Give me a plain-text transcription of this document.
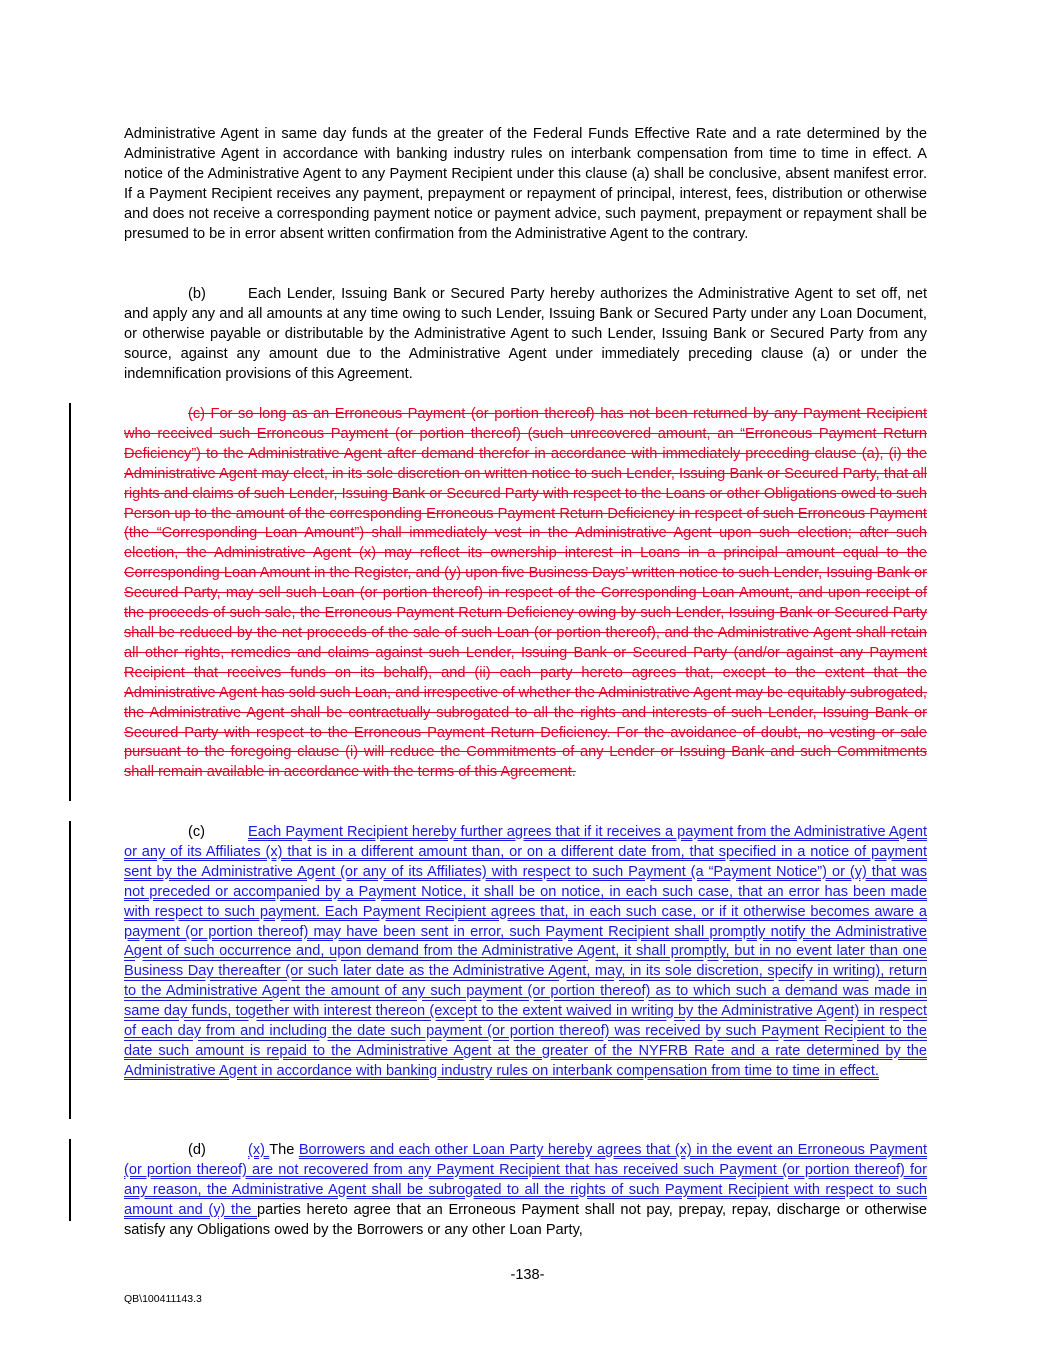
Administrative Agent in same day funds at the greater of the Federal Funds Effective Rate and a rate determined by the Administrative Agent in accordance with banking industry rules on interbank compensation from time to time in effect. A notice of the Administrative Agent to any Payment Recipient under this clause (a) shall be conclusive, absent manifest error. If a Payment Recipient receives any payment, prepayment or repayment of principal, interest, fees, distribution or otherwise and does not receive a corresponding payment notice or payment advice, such payment, prepayment or repayment shall be presumed to be in error absent written confirmation from the Administrative Agent to the contrary.
(b)	Each Lender, Issuing Bank or Secured Party hereby authorizes the Administrative Agent to set off, net and apply any and all amounts at any time owing to such Lender, Issuing Bank or Secured Party under any Loan Document, or otherwise payable or distributable by the Administrative Agent to such Lender, Issuing Bank or Secured Party from any source, against any amount due to the Administrative Agent under immediately preceding clause (a) or under the indemnification provisions of this Agreement.
(c) For so long as an Erroneous Payment (or portion thereof) has not been returned by any Payment Recipient who received such Erroneous Payment (or portion thereof) (such unrecovered amount, an “Erroneous Payment Return Deficiency”) to the Administrative Agent after demand therefor in accordance with immediately preceding clause (a), (i) the Administrative Agent may elect, in its sole discretion on written notice to such Lender, Issuing Bank or Secured Party, that all rights and claims of such Lender, Issuing Bank or Secured Party with respect to the Loans or other Obligations owed to such Person up to the amount of the corresponding Erroneous Payment Return Deficiency in respect of such Erroneous Payment (the “Corresponding Loan Amount”) shall immediately vest in the Administrative Agent upon such election; after such election, the Administrative Agent (x) may reflect its ownership interest in Loans in a principal amount equal to the Corresponding Loan Amount in the Register, and (y) upon five Business Days’ written notice to such Lender, Issuing Bank or Secured Party, may sell such Loan (or portion thereof) in respect of the Corresponding Loan Amount, and upon receipt of the proceeds of such sale, the Erroneous Payment Return Deficiency owing by such Lender, Issuing Bank or Secured Party shall be reduced by the net proceeds of the sale of such Loan (or portion thereof), and the Administrative Agent shall retain all other rights, remedies and claims against such Lender, Issuing Bank or Secured Party (and/or against any Payment Recipient that receives funds on its behalf), and (ii) each party hereto agrees that, except to the extent that the Administrative Agent has sold such Loan, and irrespective of whether the Administrative Agent may be equitably subrogated, the Administrative Agent shall be contractually subrogated to all the rights and interests of such Lender, Issuing Bank or Secured Party with respect to the Erroneous Payment Return Deficiency. For the avoidance of doubt, no vesting or sale pursuant to the foregoing clause (i) will reduce the Commitments of any Lender or Issuing Bank and such Commitments shall remain available in accordance with the terms of this Agreement.
(c)	Each Payment Recipient hereby further agrees that if it receives a payment from the Administrative Agent or any of its Affiliates (x) that is in a different amount than, or on a different date from, that specified in a notice of payment sent by the Administrative Agent (or any of its Affiliates) with respect to such Payment (a “Payment Notice”) or (y) that was not preceded or accompanied by a Payment Notice, it shall be on notice, in each such case, that an error has been made with respect to such payment. Each Payment Recipient agrees that, in each such case, or if it otherwise becomes aware a payment (or portion thereof) may have been sent in error, such Payment Recipient shall promptly notify the Administrative Agent of such occurrence and, upon demand from the Administrative Agent, it shall promptly, but in no event later than one Business Day thereafter (or such later date as the Administrative Agent, may, in its sole discretion, specify in writing), return to the Administrative Agent the amount of any such payment (or portion thereof) as to which such a demand was made in same day funds, together with interest thereon (except to the extent waived in writing by the Administrative Agent) in respect of each day from and including the date such payment (or portion thereof) was received by such Payment Recipient to the date such amount is repaid to the Administrative Agent at the greater of the NYFRB Rate and a rate determined by the Administrative Agent in accordance with banking industry rules on interbank compensation from time to time in effect.
(d)	(x) The Borrowers and each other Loan Party hereby agrees that (x) in the event an Erroneous Payment (or portion thereof) are not recovered from any Payment Recipient that has received such Payment (or portion thereof) for any reason, the Administrative Agent shall be subrogated to all the rights of such Payment Recipient with respect to such amount and (y) the parties hereto agree that an Erroneous Payment shall not pay, prepay, repay, discharge or otherwise satisfy any Obligations owed by the Borrowers or any other Loan Party,
-138-
QB\100411143.3
